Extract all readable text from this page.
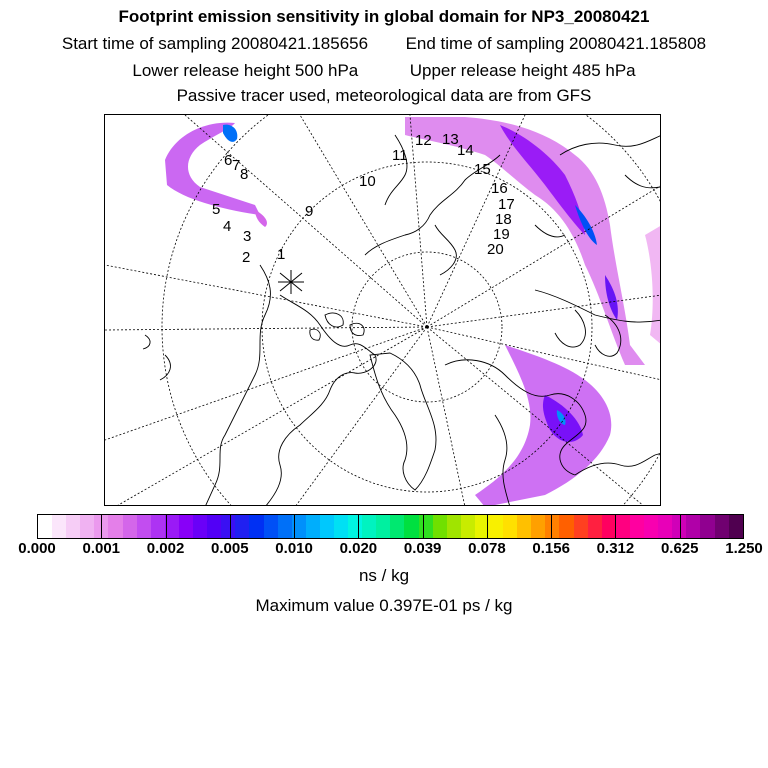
Footprint emission sensitivity in global domain for NP3_20080421
Start time of sampling 20080421.185656 End time of sampling 20080421.185808
Lower release height 500 hPa	Upper release height 485 hPa
Passive tracer used, meteorological data are from GFS
1
2
3
4
5
6 7
8
9
10
11
12 13
14
15
16
17
18
19
20
0.000 0.001 0.002 0.005 0.010 0.020 0.039 0.078 0.156 0.312 0.625 1.250
ns / kg
Maximum value 0.397E-01 ps / kg
